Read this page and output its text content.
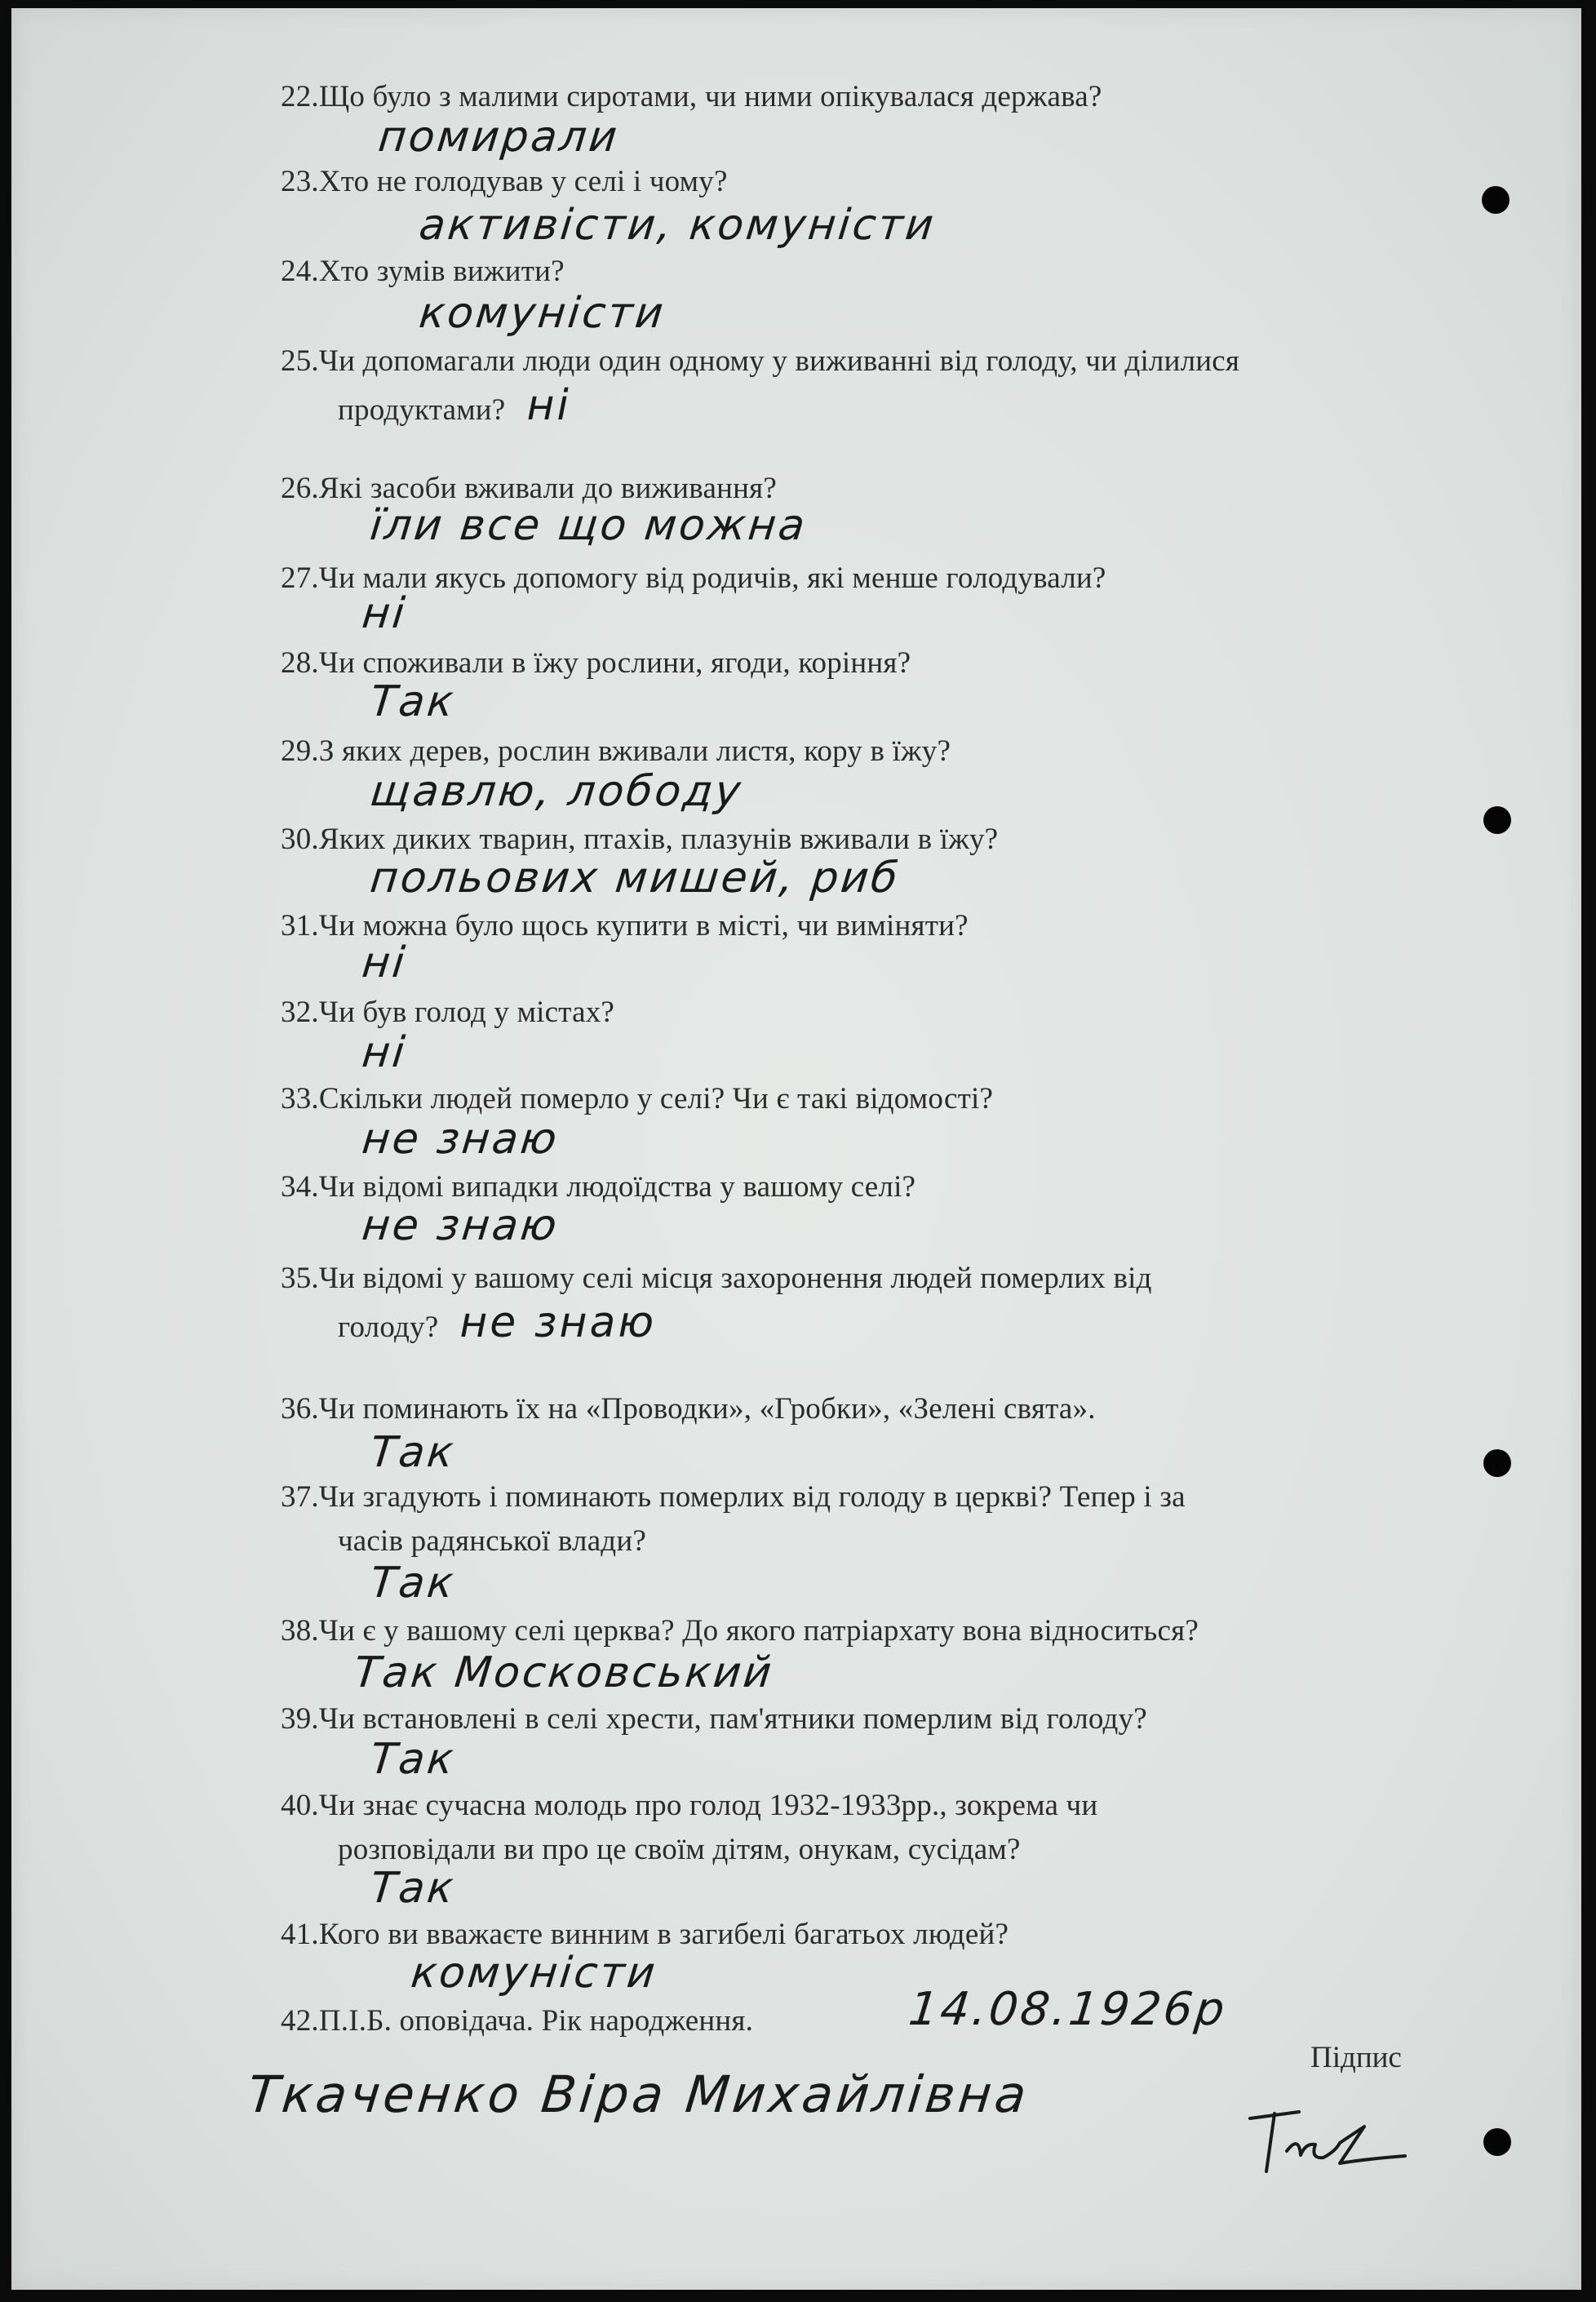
22.Що було з малими сиротами, чи ними опікувалася держава?
помирали
23.Хто не голодував у селі і чому?
активісти, комуністи
24.Хто зумів вижити?
комуністи
25.Чи допомагали люди один одному у виживанні від голоду, чи ділилися
продуктами? ні
26.Які засоби вживали до виживання?
їли все що можна
27.Чи мали якусь допомогу від родичів, які менше голодували?
ні
28.Чи споживали в їжу рослини, ягоди, коріння?
Так
29.З яких дерев, рослин вживали листя, кору в їжу?
щавлю, лободу
30.Яких диких тварин, птахів, плазунів вживали в їжу?
польових мишей, риб
31.Чи можна було щось купити в місті, чи виміняти?
ні
32.Чи був голод у містах?
ні
33.Скільки людей померло у селі? Чи є такі відомості?
не знаю
34.Чи відомі випадки людоїдства у вашому селі?
не знаю
35.Чи відомі у вашому селі місця захоронення людей померлих від
голоду? не знаю
36.Чи поминають їх на «Проводки», «Гробки», «Зелені свята».
Так
37.Чи згадують і поминають померлих від голоду в церкві? Тепер і за
часів радянської влади?
Так
38.Чи є у вашому селі церква? До якого патріархату вона відноситься?
Так Московський
39.Чи встановлені в селі хрести, пам'ятники померлим від голоду?
Так
40.Чи знає сучасна молодь про голод 1932-1933рр., зокрема чи
розповідали ви про це своїм дітям, онукам, сусідам?
Так
41.Кого ви вважаєте винним в загибелі багатьох людей?
комуністи
42.П.І.Б. оповідача. Рік народження.	14.08.1926р
Ткаченко Віра Михайлівна
Підпис
